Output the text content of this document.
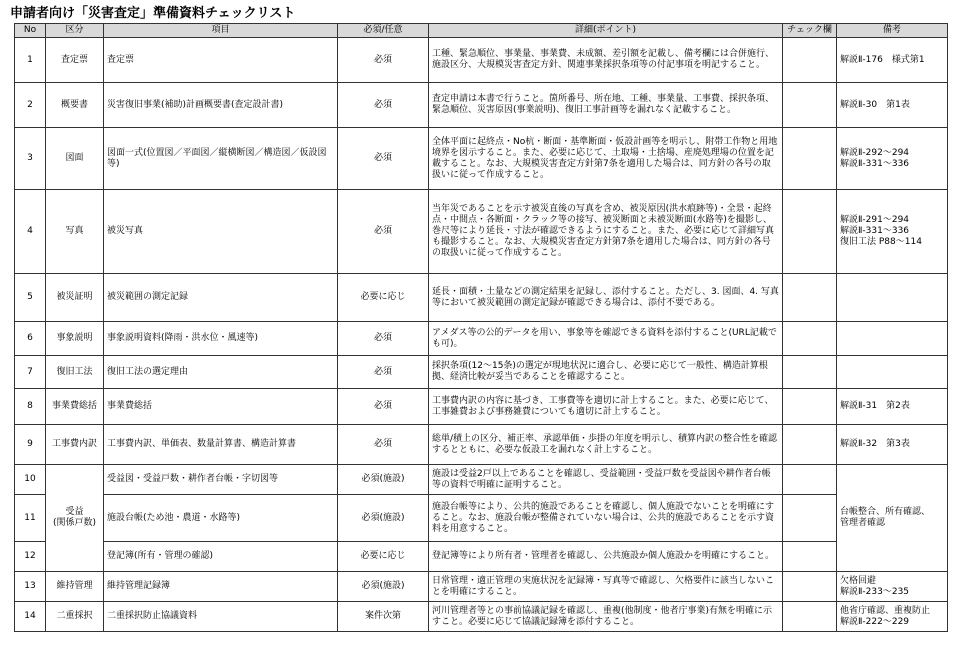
申請者向け「災害査定」準備資料チェックリスト
No	区分	項目	必須/任意	詳細(ポイント)	チェック欄	備考
1	査定票	査定票	必須	工種、緊急順位、事業量、事業費、未成額、差引額を記載し、備考欄には合併施行、施設区分、大規模災害査定方針、関連事業採択条項等の付記事項を明記すること。		解説Ⅱ-176　様式第1
2	概要書	災害復旧事業(補助)計画概要書(査定設計書)	必須	査定申請は本書で行うこと。箇所番号、所在地、工種、事業量、工事費、採択条項、緊急順位、災害原因(事業説明)、復旧工事計画等を漏れなく記載すること。		解説Ⅱ-30　第1表
3	図面	図面一式(位置図／平面図／縦横断図／構造図／仮設図等)	必須	全体平面に起終点・No杭・断面・基準断面・仮設計画等を明示し、附帯工作物と用地境界を図示すること。また、必要に応じて、土取場・土捨場、産廃処理場の位置を記載すること。なお、大規模災害査定方針第7条を適用した場合は、同方針の各号の取扱いに従って作成すること。		解説Ⅱ-292～294
解説Ⅱ-331～336
4	写真	被災写真	必須	当年災であることを示す被災直後の写真を含め、被災原因(洪水痕跡等)・全景・起終点・中間点・各断面・クラック等の接写、被災断面と未被災断面(水路等)を撮影し、巻尺等により延長・寸法が確認できるようにすること。また、必要に応じて詳細写真も撮影すること。なお、大規模災害査定方針第7条を適用した場合は、同方針の各号の取扱いに従って作成すること。		解説Ⅱ-291～294
解説Ⅱ-331～336
復旧工法 P88～114
5	被災証明	被災範囲の測定記録	必要に応じ	延長・面積・土量などの測定結果を記録し、添付すること。ただし、3. 図面、4. 写真等において被災範囲の測定記録が確認できる場合は、添付不要である。		
6	事象説明	事象説明資料(降雨・洪水位・風速等)	必須	アメダス等の公的データを用い、事象等を確認できる資料を添付すること(URL記載でも可)。		
7	復旧工法	復旧工法の選定理由	必須	採択条項(12～15条)の選定が現地状況に適合し、必要に応じて一般性、構造計算根拠、経済比較が妥当であることを確認すること。		
8	事業費総括	事業費総括	必須	工事費内訳の内容に基づき、工事費等を適切に計上すること。また、必要に応じて、工事雑費および事務雑費についても適切に計上すること。		解説Ⅱ-31　第2表
9	工事費内訳	工事費内訳、単価表、数量計算書、構造計算書	必須	総単/積上の区分、補正率、承認単価・歩掛の年度を明示し、積算内訳の整合性を確認するとともに、必要な仮設工を漏れなく計上すること。		解説Ⅱ-32　第3表
10	受益
(関係戸数)	受益図・受益戸数・耕作者台帳・字切図等	必須(施設)	施設は受益2戸以上であることを確認し、受益範囲・受益戸数を受益図や耕作者台帳等の資料で明確に証明すること。		台帳整合、所有確認、
管理者確認
11		施設台帳(ため池・農道・水路等)	必須(施設)	施設台帳等により、公共的施設であることを確認し、個人施設でないことを明確にすること。なお、施設台帳が整備されていない場合は、公共的施設であることを示す資料を用意すること。		
12		登記簿(所有・管理の確認)	必要に応じ	登記簿等により所有者・管理者を確認し、公共施設か個人施設かを明確にすること。		
13	維持管理	維持管理記録簿	必須(施設)	日常管理・適正管理の実施状況を記録簿・写真等で確認し、欠格要件に該当しないことを明確にすること。		欠格回避
解説Ⅱ-233～235
14	二重採択	二重採択防止協議資料	案件次第	河川管理者等との事前協議記録を確認し、重複(他制度・他者庁事業)有無を明確に示すこと。必要に応じて協議記録簿を添付すること。		他省庁確認、重複防止
解説Ⅱ-222～229
